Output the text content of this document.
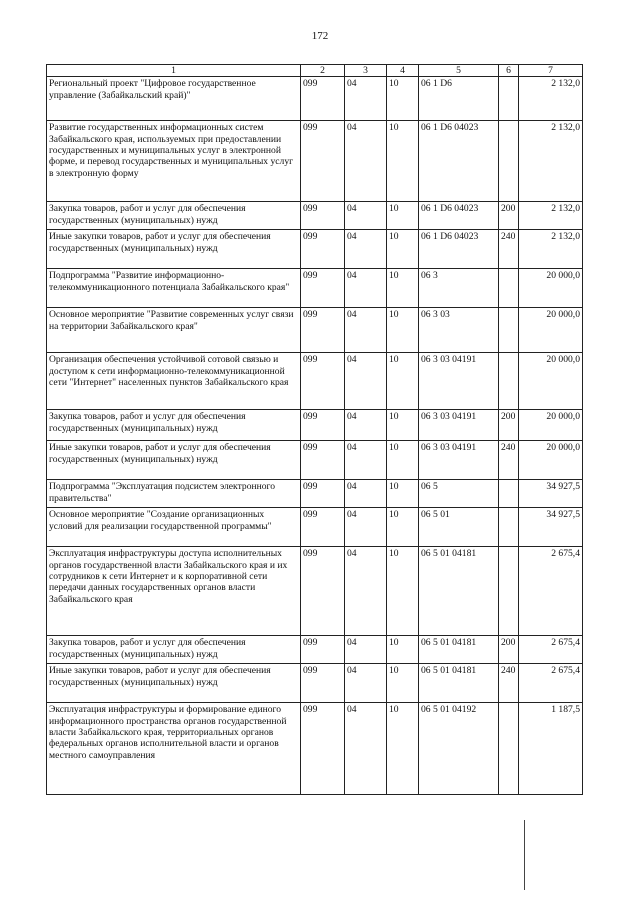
172
1	2	3	4	5	6	7
Региональный проект "Цифровое государственное управление (Забайкальский край)"	099	04	10	06 1 D6		2 132,0
Развитие государственных информационных систем Забайкальского края, используемых при предоставлении государственных и муниципальных услуг в электронной форме, и перевод государственных и муниципальных услуг в электронную форму	099	04	10	06 1 D6 04023		2 132,0
Закупка товаров, работ и услуг для обеспечения государственных (муниципальных) нужд	099	04	10	06 1 D6 04023	200	2 132,0
Иные закупки товаров, работ и услуг для обеспечения государственных (муниципальных) нужд	099	04	10	06 1 D6 04023	240	2 132,0
Подпрограмма "Развитие информационно-телекоммуникационного потенциала Забайкальского края"	099	04	10	06 3		20 000,0
Основное мероприятие "Развитие современных услуг связи на территории Забайкальского края"	099	04	10	06 3 03		20 000,0
Организация обеспечения устойчивой сотовой связью и доступом к сети информационно-телекоммуникационной сети "Интернет" населенных пунктов Забайкальского края	099	04	10	06 3 03 04191		20 000,0
Закупка товаров, работ и услуг для обеспечения государственных (муниципальных) нужд	099	04	10	06 3 03 04191	200	20 000,0
Иные закупки товаров, работ и услуг для обеспечения государственных (муниципальных) нужд	099	04	10	06 3 03 04191	240	20 000,0
Подпрограмма "Эксплуатация подсистем электронного правительства"	099	04	10	06 5		34 927,5
Основное мероприятие "Создание организационных условий для реализации государственной программы"	099	04	10	06 5 01		34 927,5
Эксплуатация инфраструктуры доступа исполнительных органов государственной власти Забайкальского края и их сотрудников к сети Интернет и к корпоративной сети передачи данных государственных органов власти Забайкальского края	099	04	10	06 5 01 04181		2 675,4
Закупка товаров, работ и услуг для обеспечения государственных (муниципальных) нужд	099	04	10	06 5 01 04181	200	2 675,4
Иные закупки товаров, работ и услуг для обеспечения государственных (муниципальных) нужд	099	04	10	06 5 01 04181	240	2 675,4
Эксплуатация инфраструктуры и формирование единого информационного пространства органов государственной власти Забайкальского края, территориальных органов федеральных органов исполнительной власти и органов местного самоуправления	099	04	10	06 5 01 04192		1 187,5
